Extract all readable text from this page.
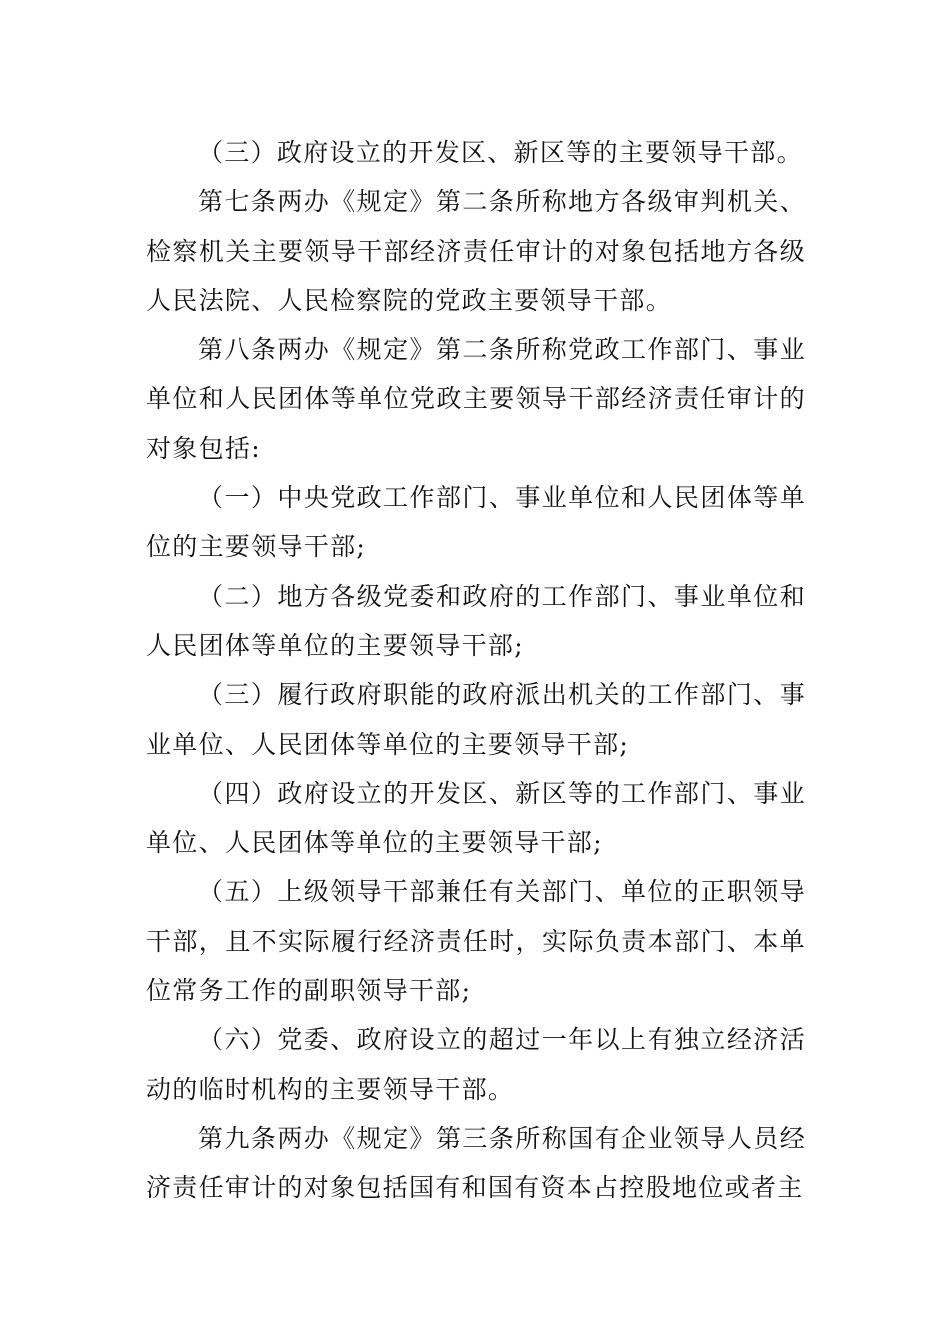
（三）政府设立的开发区、新区等的主要领导干部。

第七条两办《规定》第二条所称地方各级审判机关、检察机关主要领导干部经济责任审计的对象包括地方各级人民法院、人民检察院的党政主要领导干部。

第八条两办《规定》第二条所称党政工作部门、事业单位和人民团体等单位党政主要领导干部经济责任审计的对象包括:

（一）中央党政工作部门、事业单位和人民团体等单位的主要领导干部;

（二）地方各级党委和政府的工作部门、事业单位和人民团体等单位的主要领导干部;

（三）履行政府职能的政府派出机关的工作部门、事业单位、人民团体等单位的主要领导干部;

（四）政府设立的开发区、新区等的工作部门、事业单位、人民团体等单位的主要领导干部;

（五）上级领导干部兼任有关部门、单位的正职领导干部，且不实际履行经济责任时，实际负责本部门、本单位常务工作的副职领导干部;

（六）党委、政府设立的超过一年以上有独立经济活动的临时机构的主要领导干部。

第九条两办《规定》第三条所称国有企业领导人员经济责任审计的对象包括国有和国有资本占控股地位或者主
